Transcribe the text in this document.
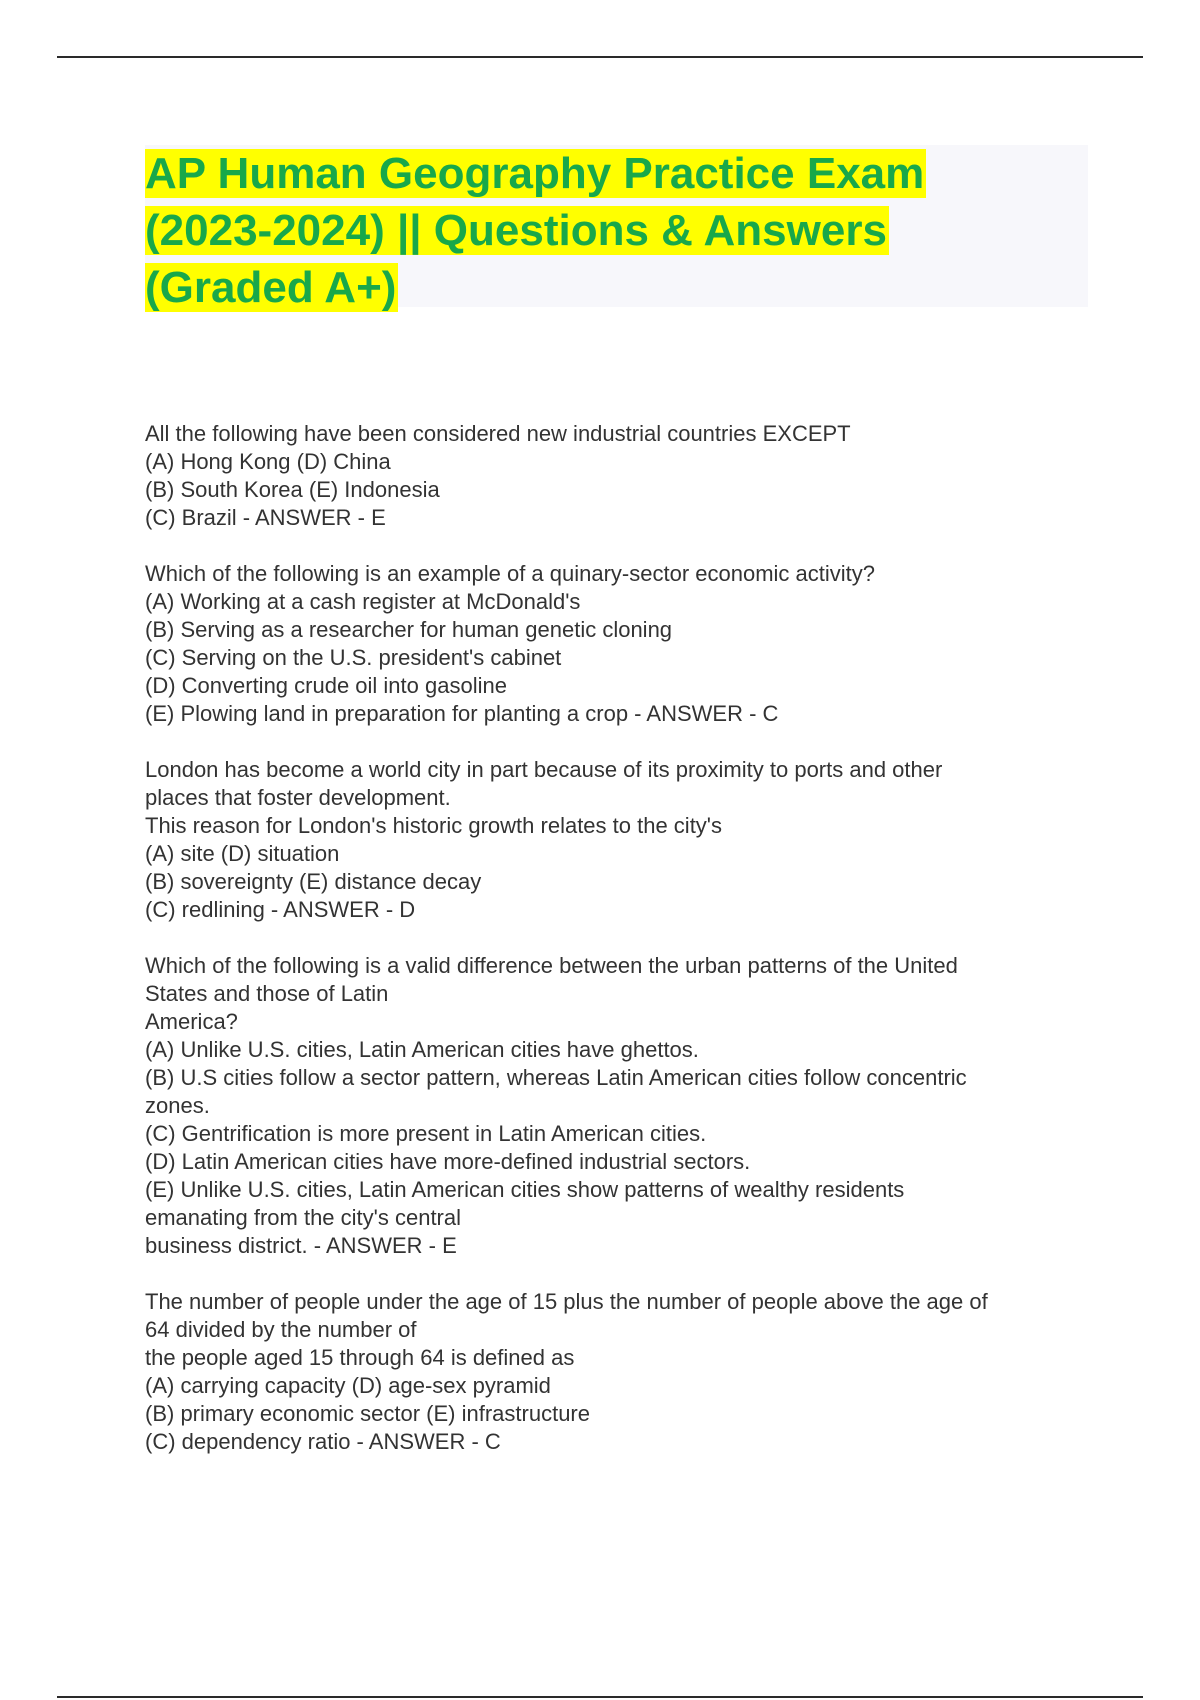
AP Human Geography Practice Exam
(2023-2024) || Questions & Answers
(Graded A+)
All the following have been considered new industrial countries EXCEPT
(A) Hong Kong (D) China
(B) South Korea (E) Indonesia
(C) Brazil - ANSWER - E
Which of the following is an example of a quinary-sector economic activity?
(A) Working at a cash register at McDonald's
(B) Serving as a researcher for human genetic cloning
(C) Serving on the U.S. president's cabinet
(D) Converting crude oil into gasoline
(E) Plowing land in preparation for planting a crop - ANSWER - C
London has become a world city in part because of its proximity to ports and other
places that foster development.
This reason for London's historic growth relates to the city's
(A) site (D) situation
(B) sovereignty (E) distance decay
(C) redlining - ANSWER - D
Which of the following is a valid difference between the urban patterns of the United
States and those of Latin
America?
(A) Unlike U.S. cities, Latin American cities have ghettos.
(B) U.S cities follow a sector pattern, whereas Latin American cities follow concentric
zones.
(C) Gentrification is more present in Latin American cities.
(D) Latin American cities have more-defined industrial sectors.
(E) Unlike U.S. cities, Latin American cities show patterns of wealthy residents
emanating from the city's central
business district. - ANSWER - E
The number of people under the age of 15 plus the number of people above the age of
64 divided by the number of
the people aged 15 through 64 is defined as
(A) carrying capacity (D) age-sex pyramid
(B) primary economic sector (E) infrastructure
(C) dependency ratio - ANSWER - C
